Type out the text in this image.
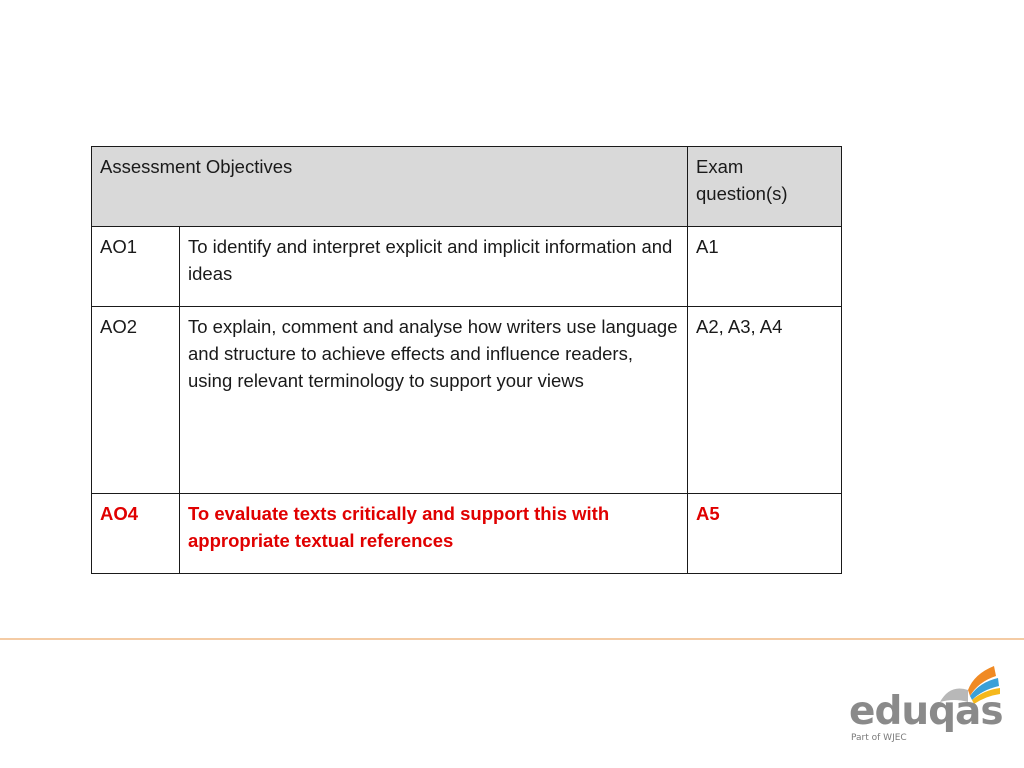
Assessment Objectives		Exam question(s)
AO1	To identify and interpret explicit and implicit information and ideas	A1
AO2	To explain, comment and analyse how writers use language and structure to achieve effects and influence readers, using relevant terminology to support your views	A2, A3, A4
AO4	To evaluate texts critically and support this with appropriate textual references	A5
eduqas
Part of WJEC
